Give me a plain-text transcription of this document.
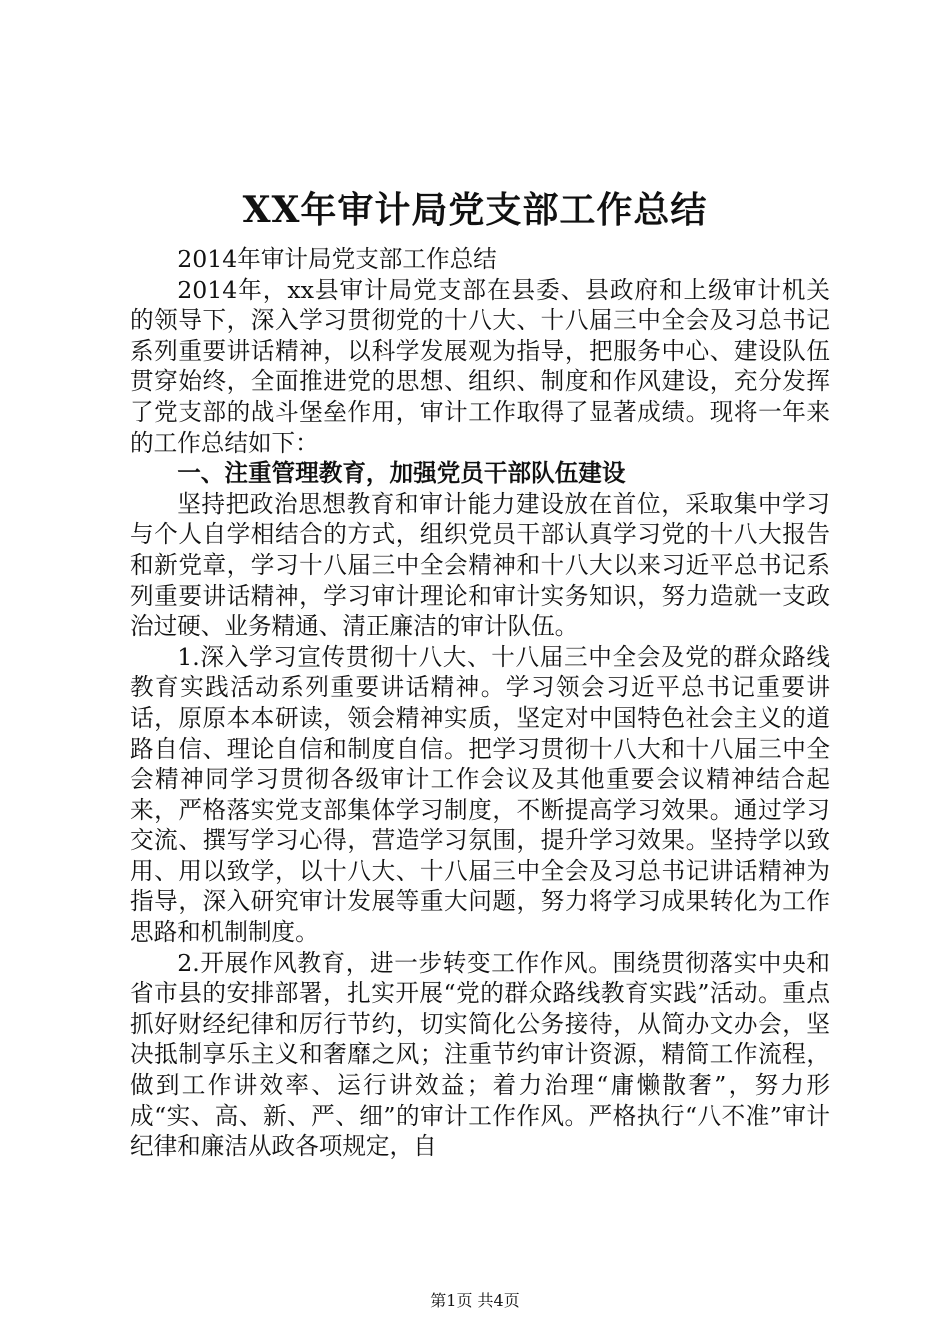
XX年审计局党支部工作总结

2014年审计局党支部工作总结

2014年，xx县审计局党支部在县委、县政府和上级审计机关的领导下，深入学习贯彻党的十八大、十八届三中全会及习总书记系列重要讲话精神，以科学发展观为指导，把服务中心、建设队伍贯穿始终，全面推进党的思想、组织、制度和作风建设，充分发挥了党支部的战斗堡垒作用，审计工作取得了显著成绩。现将一年来的工作总结如下：

一、注重管理教育，加强党员干部队伍建设

坚持把政治思想教育和审计能力建设放在首位，采取集中学习与个人自学相结合的方式，组织党员干部认真学习党的十八大报告和新党章，学习十八届三中全会精神和十八大以来习近平总书记系列重要讲话精神，学习审计理论和审计实务知识，努力造就一支政治过硬、业务精通、清正廉洁的审计队伍。

1.深入学习宣传贯彻十八大、十八届三中全会及党的群众路线教育实践活动系列重要讲话精神。学习领会习近平总书记重要讲话，原原本本研读，领会精神实质，坚定对中国特色社会主义的道路自信、理论自信和制度自信。把学习贯彻十八大和十八届三中全会精神同学习贯彻各级审计工作会议及其他重要会议精神结合起来，严格落实党支部集体学习制度，不断提高学习效果。通过学习交流、撰写学习心得，营造学习氛围，提升学习效果。坚持学以致用、用以致学，以十八大、十八届三中全会及习总书记讲话精神为指导，深入研究审计发展等重大问题，努力将学习成果转化为工作思路和机制制度。

2.开展作风教育，进一步转变工作作风。围绕贯彻落实中央和省市县的安排部署，扎实开展“党的群众路线教育实践”活动。重点抓好财经纪律和厉行节约，切实简化公务接待，从简办文办会，坚决抵制享乐主义和奢靡之风；注重节约审计资源，精简工作流程，做到工作讲效率、运行讲效益；着力治理“庸懒散奢”，努力形成“实、高、新、严、细”的审计工作作风。严格执行“八不准”审计纪律和廉洁从政各项规定，自

第1页 共4页
